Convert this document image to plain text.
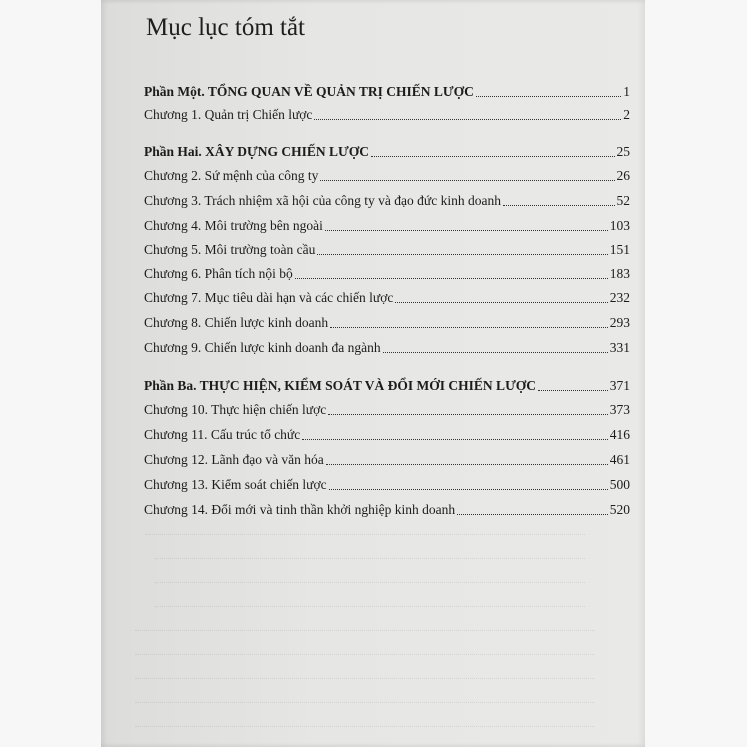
Mục lục tóm tắt
Phần Một. TỔNG QUAN VỀ QUẢN TRỊ CHIẾN LƯỢC	1
Chương 1. Quản trị Chiến lược	2
Phần Hai. XÂY DỰNG CHIẾN LƯỢC	25
Chương 2. Sứ mệnh của công ty	26
Chương 3. Trách nhiệm xã hội của công ty và đạo đức kinh doanh	52
Chương 4. Môi trường bên ngoài	103
Chương 5. Môi trường toàn cầu	151
Chương 6. Phân tích nội bộ	183
Chương 7. Mục tiêu dài hạn và các chiến lược	232
Chương 8. Chiến lược kinh doanh	293
Chương 9. Chiến lược kinh doanh đa ngành	331
Phần Ba. THỰC HIỆN, KIỂM SOÁT VÀ ĐỔI MỚI CHIẾN LƯỢC	371
Chương 10. Thực hiện chiến lược	373
Chương 11. Cấu trúc tổ chức	416
Chương 12. Lãnh đạo và văn hóa	461
Chương 13. Kiểm soát chiến lược	500
Chương 14. Đổi mới và tinh thần khởi nghiệp kinh doanh	520
